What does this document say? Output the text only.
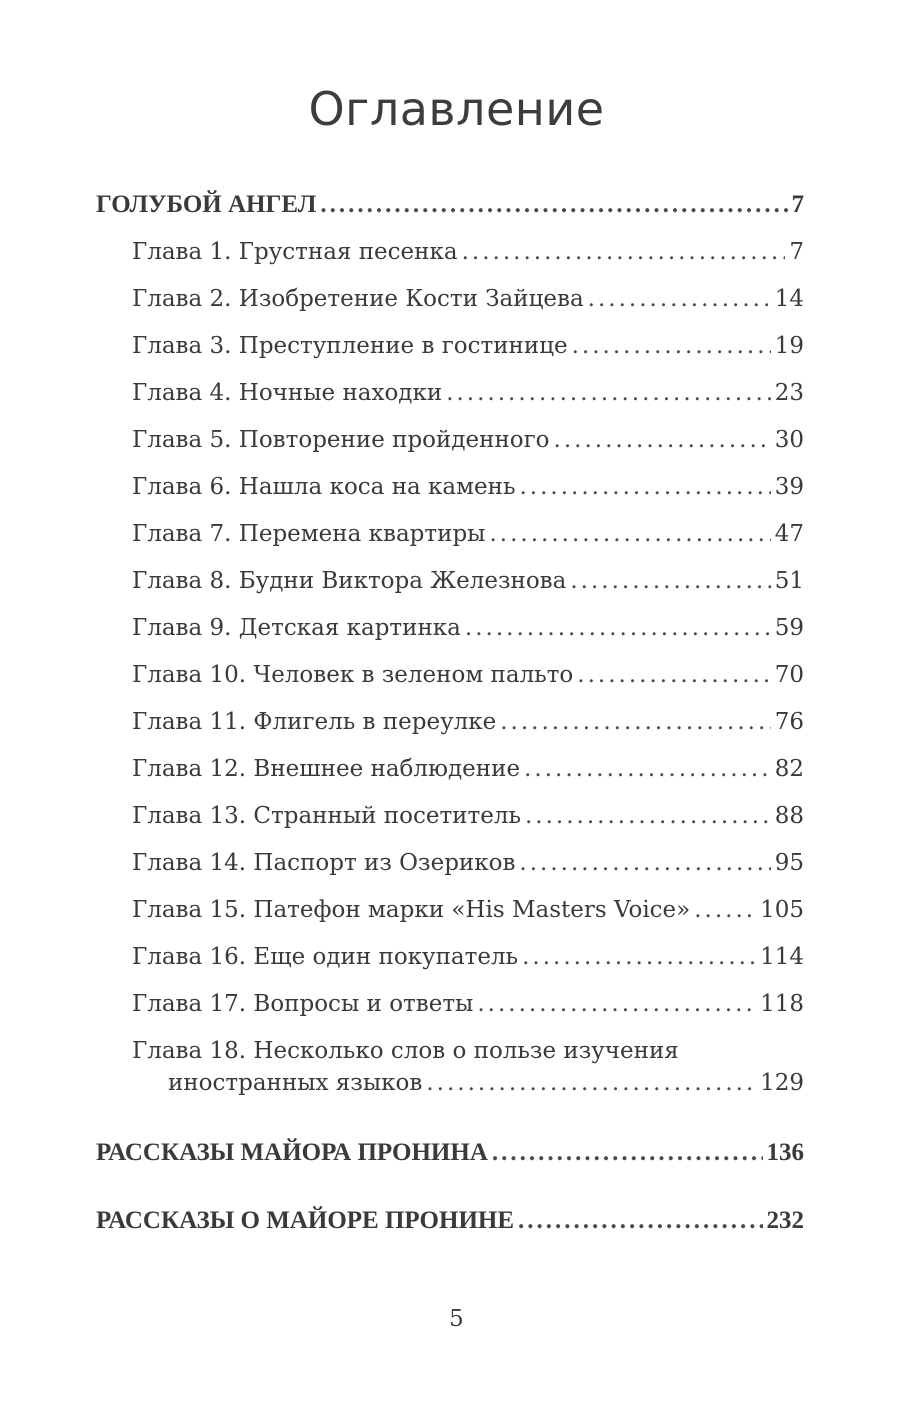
Оглавление
ГОЛУБОЙ АНГЕЛ .....	7
Глава 1. Грустная песенка .....	7
Глава 2. Изобретение Кости Зайцева .....	14
Глава 3. Преступление в гостинице .....	19
Глава 4. Ночные находки .....	23
Глава 5. Повторение пройденного .....	30
Глава 6. Нашла коса на камень .....	39
Глава 7. Перемена квартиры .....	47
Глава 8. Будни Виктора Железнова .....	51
Глава 9. Детская картинка .....	59
Глава 10. Человек в зеленом пальто .....	70
Глава 11. Флигель в переулке .....	76
Глава 12. Внешнее наблюдение .....	82
Глава 13. Странный посетитель .....	88
Глава 14. Паспорт из Озериков .....	95
Глава 15. Патефон марки «His Masters Voice» .....	105
Глава 16. Еще один покупатель .....	114
Глава 17. Вопросы и ответы .....	118
Глава 18. Несколько слов о пользе изучения
иностранных языков .....	129
РАССКАЗЫ МАЙОРА ПРОНИНА .....	136
РАССКАЗЫ О МАЙОРЕ ПРОНИНЕ .....	232
5
